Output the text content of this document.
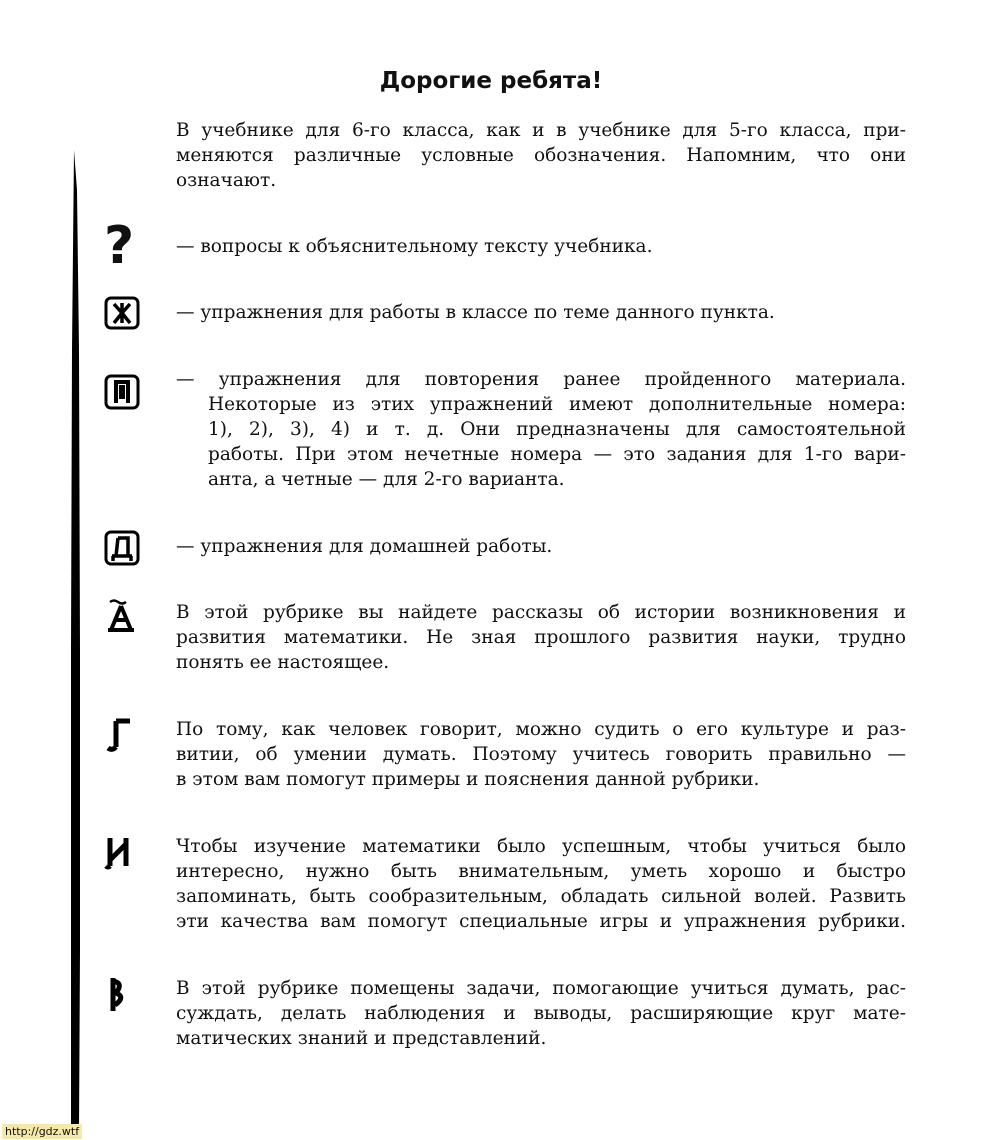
Дорогие ребята!
В учебнике для 6-го класса, как и в учебнике для 5-го класса, при-
меняются различные условные обозначения. Напомним, что они
означают.
?	— вопросы к объяснительному тексту учебника.
— упражнения для работы в классе по теме данного пункта.
— упражнения для повторения ранее пройденного материала.
Некоторые из этих упражнений имеют дополнительные номера:
1), 2), 3), 4) и т. д. Они предназначены для самостоятельной
работы. При этом нечетные номера — это задания для 1-го вари-
анта, а четные — для 2-го варианта.
— упражнения для домашней работы.
В этой рубрике вы найдете рассказы об истории возникновения и
развития математики. Не зная прошлого развития науки, трудно
понять ее настоящее.
По тому, как человек говорит, можно судить о его культуре и раз-
витии, об умении думать. Поэтому учитесь говорить правильно —
в этом вам помогут примеры и пояснения данной рубрики.
Чтобы изучение математики было успешным, чтобы учиться было
интересно, нужно быть внимательным, уметь хорошо и быстро
запоминать, быть сообразительным, обладать сильной волей. Развить
эти качества вам помогут специальные игры и упражнения рубрики.
В этой рубрике помещены задачи, помогающие учиться думать, рас-
суждать, делать наблюдения и выводы, расширяющие круг мате-
матических знаний и представлений.
http://gdz.wtf
